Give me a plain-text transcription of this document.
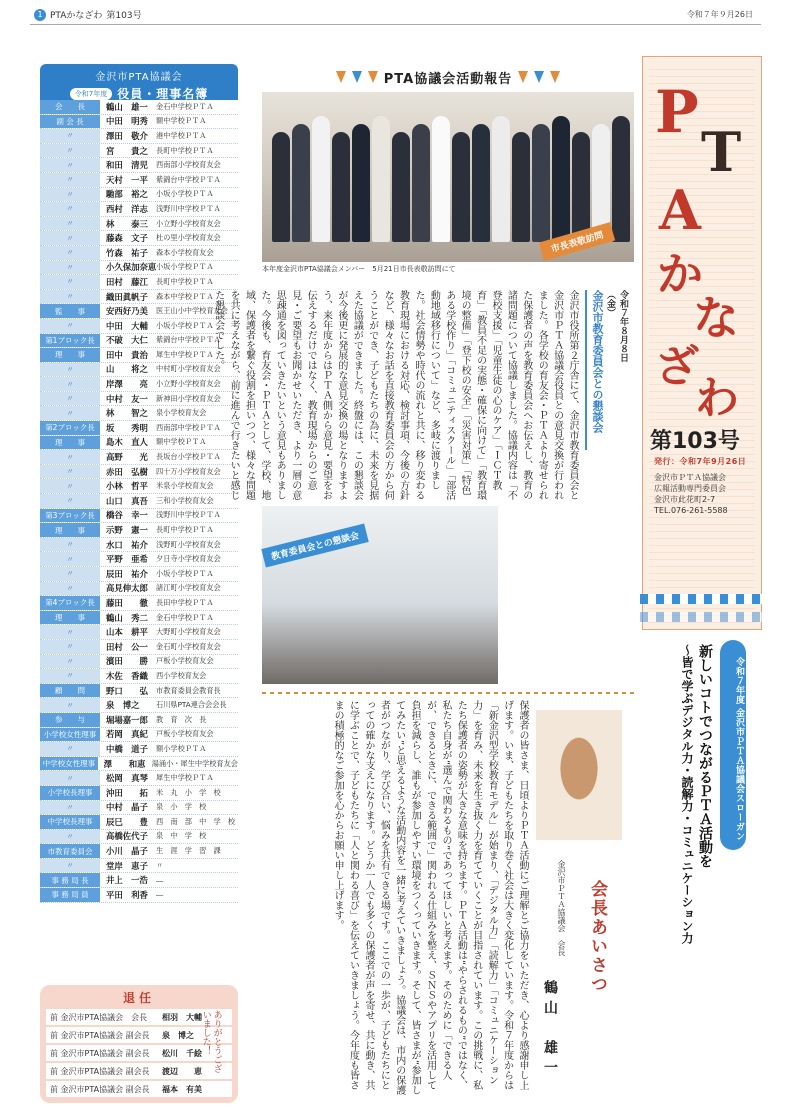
1 PTAかなざわ 第103号	令和７年９月26日
金沢市PTA協議会
令和7年度 役員・理事名簿
会　　長	鶴山　雄一	金石中学校ＰＴＡ
副 会 長	中田　明秀	額中学校ＰＴＡ
〃	澤田　敬介	港中学校ＰＴＡ
〃	宮　　貴之	長町中学校ＰＴＡ
〃	和田　清児	西南部小学校育友会
〃	天村　一平	紫錦台中学校ＰＴＡ
〃	馳部　裕之	小坂小学校ＰＴＡ
〃	西村　洋志	浅野川中学校ＰＴＡ
〃	林　　泰三	小立野小学校育友会
〃	藤森　文子	杜の里小学校育友会
〃	竹森　祐子	森本小学校育友会
〃	小久保加奈恵 小坂小学校ＰＴＡ
〃	田村　藤江	長町中学校ＰＴＡ
〃	織田眞帆子	森本中学校ＰＴＡ
監　　事	安西好乃美	医王山小中学校育友会
〃	中田　大輔	小坂小学校ＰＴＡ
第1ブロック長	不破　大仁	紫錦台中学校ＰＴＡ
理　　事	田中　貴治	犀生中学校ＰＴＡ
〃	山　　将之	中村町小学校育友会
〃	岸澤　　亮	小立野小学校育友会
〃	中村　友一	新神田小学校育友会
〃	林　　智之	泉小学校育友会
第2ブロック長	坂　　秀明	西南部中学校ＰＴＡ
理　　事	島木　直人	額中学校ＰＴＡ
〃	高野　　光	長坂台小学校ＰＴＡ
〃	赤田　弘樹	四十万小学校育友会
〃	小林　哲平	米泉小学校育友会
〃	山口　真吾	三和小学校育友会
第3ブロック長	橋谷　幸一	浅野川中学校ＰＴＡ
理　　事	示野　憲一	長町中学校ＰＴＡ
〃	水口　祐介	浅野町小学校育友会
〃	平野　亜希	夕日寺小学校育友会
〃	辰田　祐介	小坂小学校ＰＴＡ
〃	高見伸太郎	諸江町小学校育友会
第4ブロック長	藤田　　徹	長田中学校ＰＴＡ
理　　事	鶴山　秀二	金石中学校ＰＴＡ
〃	山本　耕平	大野町小学校育友会
〃	田村　公一	金石町小学校育友会
〃	濱田　　勝	戸板小学校育友会
〃	木佐　香織	西小学校育友会
顧　　問	野口　　弘	市教育委員会教育長
〃	泉　博之	石川県PTA連合会会長
参　　与	堀場嘉一郎	教　育　次　長
小学校女性理事	若岡　真紀	戸板小学校育友会
〃	中橋　道子	額小学校ＰＴＡ
中学校女性理事	澤　　和恵 湯涌小・犀生中学校育友会
〃	松岡　真琴	犀生中学校ＰＴＡ
小学校長理事	沖田　　拓	米　丸　小　学　校
〃	中村　晶子	泉　小　学　校
中学校長理事	辰巳　　豊	西　南　部　中　学　校
〃	高橋佐代子	泉　中　学　校
市教育委員会	小川　晶子	生　涯　学　習　課
〃	堂岸　恵子	〃
事 務 局 長	井上　一浩	―
事 務 局 員	平田　利香	―
退任
前 金沢市PTA協議会　会長	相羽　大輔
前 金沢市PTA協議会 副会長	泉　博之
前 金沢市PTA協議会 副会長	松川　千絵
前 金沢市PTA協議会 副会長	渡辺　　恵
前 金沢市PTA協議会 副会長	福本　有美
ありがとうございました！
PTA協議会活動報告
本年度金沢市PTA協議会メンバー　5月21日市長表敬訪問にて
市長表敬訪問
金沢市教育委員会との懇談会	令和７年８月８日（金）
金沢市役所第２庁舎にて、金沢市教育委員会と金沢市ＰＴＡ協議会役員との意見交換が行われました。各学校の育友会・ＰＴＡより寄せられた保護者の声を教育委員会へお伝えし、教育の諸問題について協議しました。協議内容は「不登校支援」「児童生徒の心のケア」「ＩＣＴ教育」「教員不足の実態・確保に向けて」「教育環境の整備」「登下校の安全」「災害対策」「特色ある学校作り」「コミュニティスクール」「部活動地域移行について」など、多岐に渡りました。社会情勢や時代の流れと共に、移り変わる教育現場における対応、検討事項、今後の方針など、様々なお話を直接教育委員会の方から伺うことができ、子どもたちの為に、未来を見据えた協議ができました。終盤には、この懇談会が今後更に発展的な意見交換の場となりますよう、来年度からはＰＴＡ側から意見・要望をお伝えするだけではなく、教育現場からのご意見・ご要望もお聞かせいただき、より一層の意思疎通を図っていきたいという意見もありました。今後も、育友会・ＰＴＡとして、学校、地域、保護者を繋ぐ役割を担いつつ、様々な問題を共に考えながら、前に進んで行きたいと感じた懇談会でした。
教育委員会との懇談会
P
T
A
か
な
ざ
わ
第103号
発行：令和7年9月26日
金沢市ＰＴＡ協議会
広報活動専門委員会
金沢市此花町2-7
TEL.076-261-5588
令和７年度 金沢市ＰＴＡ協議会スローガン
新しいコトでつながるＰＴＡ活動を
～皆で学ぶデジタル力・読解力・コミュニケーション力
会長あいさつ
金沢市ＰＴＡ協議会　会長
鶴山　雄一
保護者の皆さま、日頃よりＰＴＡ活動にご理解とご協力をいただき、心より感謝申し上げます。いま、子どもたちを取り巻く社会は大きく変化しています。令和７年度からは「新金沢型学校教育モデル」が始まり、「デジタル力」「読解力」「コミュニケーション力」を育み、未来を生き抜く力を育てていくことが目指されています。この挑戦に、私たち保護者の姿勢が大きな意味を持ちます。ＰＴＡ活動は“やらされるもの”ではなく、私たち自身が“選んで関わるもの”であってほしいと考えます。そのために「できる人が、できるときに、できる範囲で」関われる仕組みを整え、ＳＮＳやアプリを活用して負担を減らし、誰もが参加しやすい環境をつくっていきます。そして、皆さまが“参加してみたい”と思えるような活動内容を一緒に考えていきましょう。協議会は、市内の保護者がつながり、学び合い、悩みを共有できる場です。ここでの一歩が、子どもたちにとっての確かな支えになります。どうか一人でも多くの保護者が声を寄せ、共に動き、共に学ぶことで、子どもたちに「人と関わる喜び」を伝えていきましょう。今年度も皆さまの積極的なご参加を心からお願い申し上げます。
